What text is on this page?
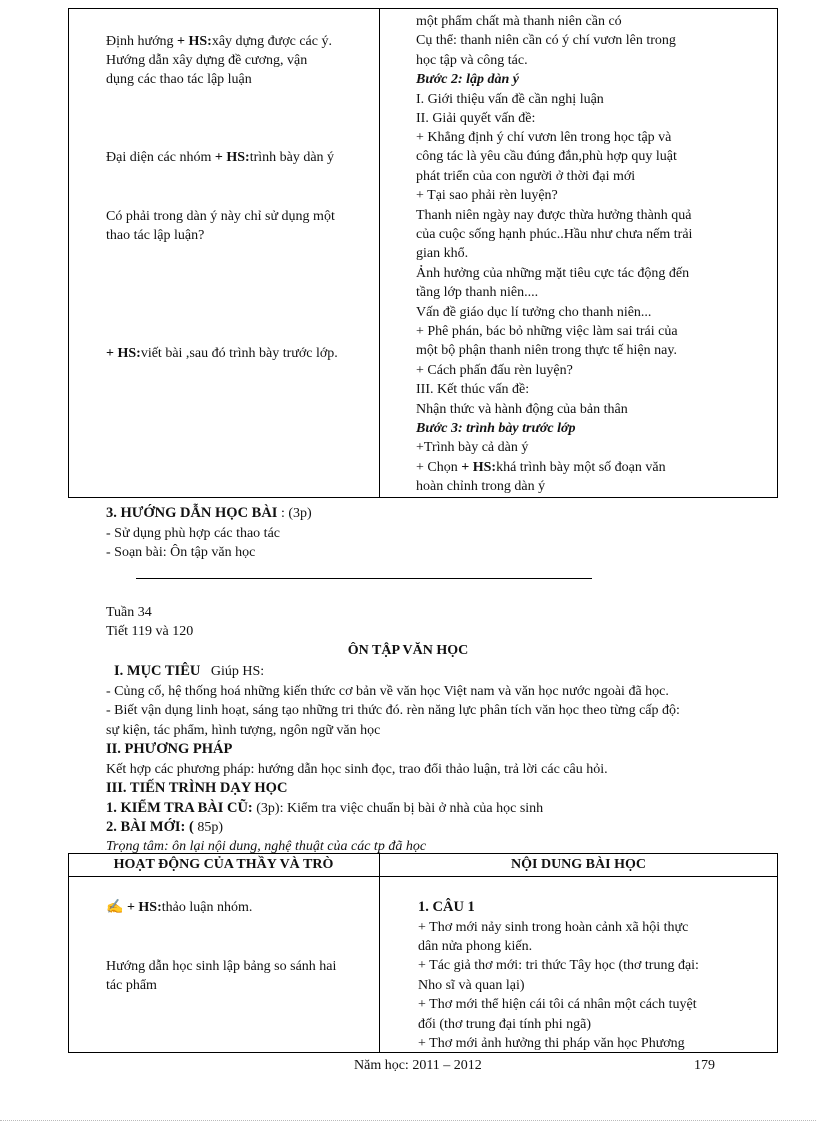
Định hướng + HS:xây dựng được các ý.
Hướng dẫn xây dựng đề cương, vận
dụng các thao tác lập luận
Đại diện các nhóm + HS:trình bày dàn ý
Có phải trong dàn ý này chỉ sử dụng một
thao tác lập luận?
+ HS:viết bài ,sau đó trình bày trước lớp.
một phẩm chất mà thanh niên cần có
Cụ thể: thanh niên cần có ý chí vươn lên trong
học tập và công tác.
Bước 2: lập dàn ý
I. Giới thiệu vấn đề cần nghị luận
II. Giải quyết vấn đề:
+ Khẳng định ý chí vươn lên trong học tập và
công tác là yêu cầu đúng đắn,phù hợp quy luật
phát triển của con người ở thời đại mới
+ Tại sao phải rèn luyện?
Thanh niên ngày nay được thừa hưởng thành quả
của cuộc sống hạnh phúc..Hầu như chưa nếm trải
gian khổ.
Ảnh hưởng của những mặt tiêu cực tác động đến
tầng lớp thanh niên....
Vấn đề giáo dục lí tưởng cho thanh niên...
+ Phê phán, bác bỏ những việc làm sai trái của
một bộ phận thanh niên trong thực tế hiện nay.
+ Cách phấn đấu rèn luyện?
III. Kết thúc vấn đề:
Nhận thức và hành động của bản thân
Bước 3: trình bày trước lớp
+Trình bày cả dàn ý
+ Chọn + HS:khá trình bày một số đoạn văn
hoàn chỉnh trong dàn ý
3. HƯỚNG DẪN HỌC BÀI : (3p)
- Sử dụng phù hợp các thao tác
- Soạn bài: Ôn tập văn học
Tuần 34
Tiết 119 và 120
ÔN TẬP VĂN HỌC
I. MỤC TIÊU Giúp HS:
- Củng cố, hệ thống hoá những kiến thức cơ bản về văn học Việt nam và văn học nước ngoài đã học.
- Biết vận dụng linh hoạt, sáng tạo những tri thức đó. rèn năng lực phân tích văn học theo từng cấp độ:
sự kiện, tác phẩm, hình tượng, ngôn ngữ văn học
II. PHƯƠNG PHÁP
Kết hợp các phương pháp: hướng dẫn học sinh đọc, trao đổi thảo luận, trả lời các câu hỏi.
III. TIẾN TRÌNH DẠY HỌC
1. KIỂM TRA BÀI CŨ: (3p): Kiểm tra việc chuẩn bị bài ở nhà của học sinh
2. BÀI MỚI: ( 85p)
Trọng tâm: ôn lại nội dung, nghệ thuật của các tp đã học
HOẠT ĐỘNG CỦA THẦY VÀ TRÒ	NỘI DUNG BÀI HỌC
✍ + HS:thảo luận nhóm.
Hướng dẫn học sinh lập bảng so sánh hai
tác phẩm
1. CÂU 1
+ Thơ mới nảy sinh trong hoàn cảnh xã hội thực
dân nửa phong kiến.
+ Tác giả thơ mới: tri thức Tây học (thơ trung đại:
Nho sĩ và quan lại)
+ Thơ mới thể hiện cái tôi cá nhân một cách tuyệt
đối (thơ trung đại tính phi ngã)
+ Thơ mới ảnh hưởng thi pháp văn học Phương
Năm học: 2011 – 2012	179
